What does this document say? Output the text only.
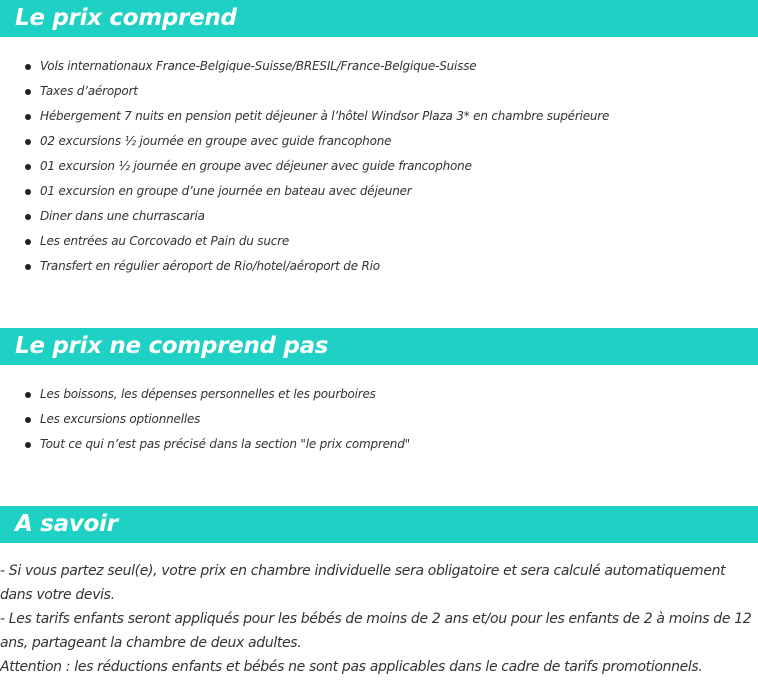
Le prix comprend
Vols internationaux France-Belgique-Suisse/BRESIL/France-Belgique-Suisse
Taxes d’aéroport
Hébergement 7 nuits en pension petit déjeuner à l’hôtel Windsor Plaza 3* en chambre supérieure
02 excursions ½ journée en groupe avec guide francophone
01 excursion ½ journée en groupe avec déjeuner avec guide francophone
01 excursion en groupe d’une journée en bateau avec déjeuner
Diner dans une churrascaria
Les entrées au Corcovado et Pain du sucre
Transfert en régulier aéroport de Rio/hotel/aéroport de Rio
Le prix ne comprend pas
Les boissons, les dépenses personnelles et les pourboires
Les excursions optionnelles
Tout ce qui n’est pas précisé dans la section "le prix comprend"
A savoir

- Si vous partez seul(e), votre prix en chambre individuelle sera obligatoire et sera calculé automatiquement dans votre devis.

- Les tarifs enfants seront appliqués pour les bébés de moins de 2 ans et/ou pour les enfants de 2 à moins de 12 ans, partageant la chambre de deux adultes.

Attention : les réductions enfants et bébés ne sont pas applicables dans le cadre de tarifs promotionnels.
